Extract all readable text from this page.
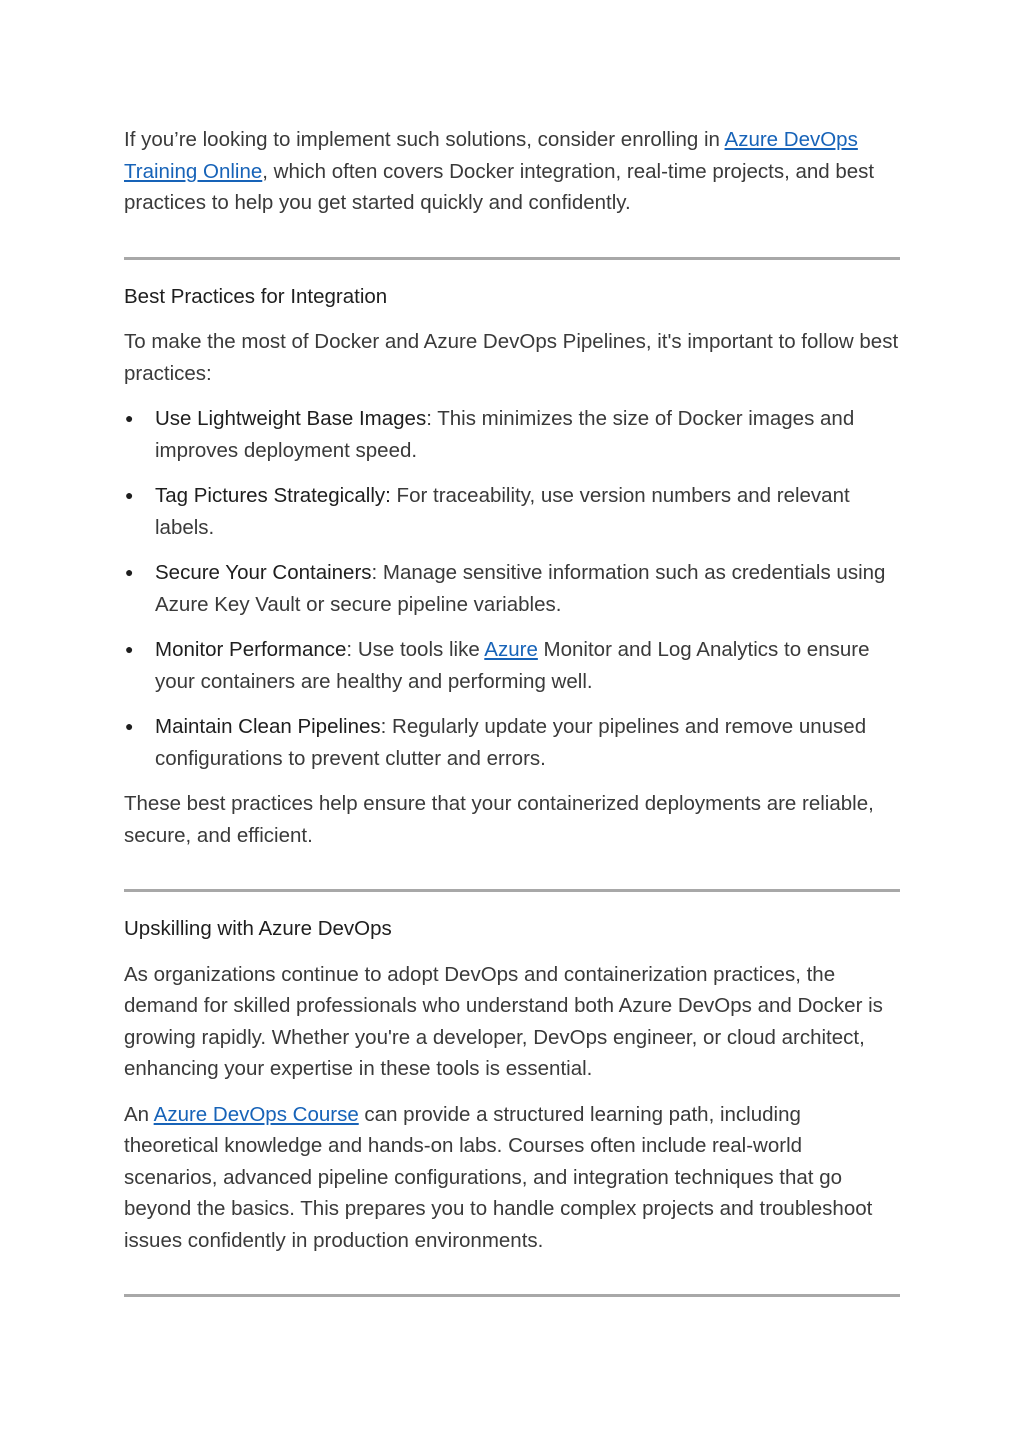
If you’re looking to implement such solutions, consider enrolling in Azure DevOps Training Online, which often covers Docker integration, real-time projects, and best practices to help you get started quickly and confidently.

Best Practices for Integration

To make the most of Docker and Azure DevOps Pipelines, it's important to follow best practices:

● Use Lightweight Base Images: This minimizes the size of Docker images and improves deployment speed.
● Tag Pictures Strategically: For traceability, use version numbers and relevant labels.
● Secure Your Containers: Manage sensitive information such as credentials using Azure Key Vault or secure pipeline variables.
● Monitor Performance: Use tools like Azure Monitor and Log Analytics to ensure your containers are healthy and performing well.
● Maintain Clean Pipelines: Regularly update your pipelines and remove unused configurations to prevent clutter and errors.

These best practices help ensure that your containerized deployments are reliable, secure, and efficient.

Upskilling with Azure DevOps

As organizations continue to adopt DevOps and containerization practices, the demand for skilled professionals who understand both Azure DevOps and Docker is growing rapidly. Whether you're a developer, DevOps engineer, or cloud architect, enhancing your expertise in these tools is essential.

An Azure DevOps Course can provide a structured learning path, including theoretical knowledge and hands-on labs. Courses often include real-world scenarios, advanced pipeline configurations, and integration techniques that go beyond the basics. This prepares you to handle complex projects and troubleshoot issues confidently in production environments.
